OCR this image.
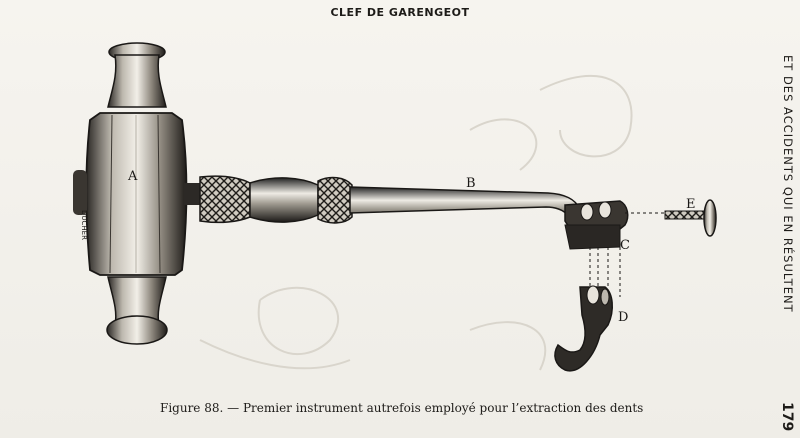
CLEF DE GARENGEOT
A	B
C
D
E
DUCHER
Figure 88. — Premier instrument autrefois employé pour l’extraction des dents
ET DES ACCIDENTS QUI EN RÉSULTENT
179
